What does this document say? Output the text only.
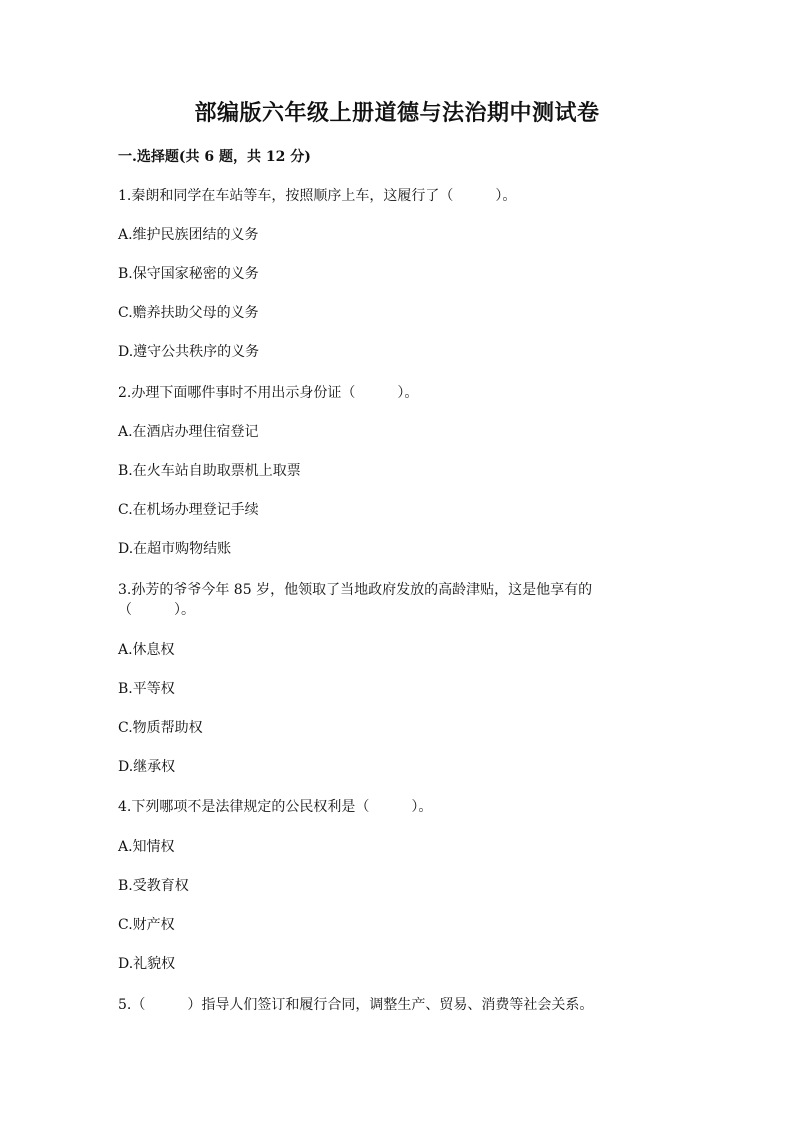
部编版六年级上册道德与法治期中测试卷
一.选择题(共 6 题，共 12 分)
1.秦朗和同学在车站等车，按照顺序上车，这履行了（　　　）。
A.维护民族团结的义务
B.保守国家秘密的义务
C.赡养扶助父母的义务
D.遵守公共秩序的义务
2.办理下面哪件事时不用出示身份证（　　　）。
A.在酒店办理住宿登记
B.在火车站自助取票机上取票
C.在机场办理登记手续
D.在超市购物结账
3.孙芳的爷爷今年 85 岁，他领取了当地政府发放的高龄津贴，这是他享有的
（　　　）。
A.休息权
B.平等权
C.物质帮助权
D.继承权
4.下列哪项不是法律规定的公民权利是（　　　）。
A.知情权
B.受教育权
C.财产权
D.礼貌权
5.（　　　）指导人们签订和履行合同，调整生产、贸易、消费等社会关系。
